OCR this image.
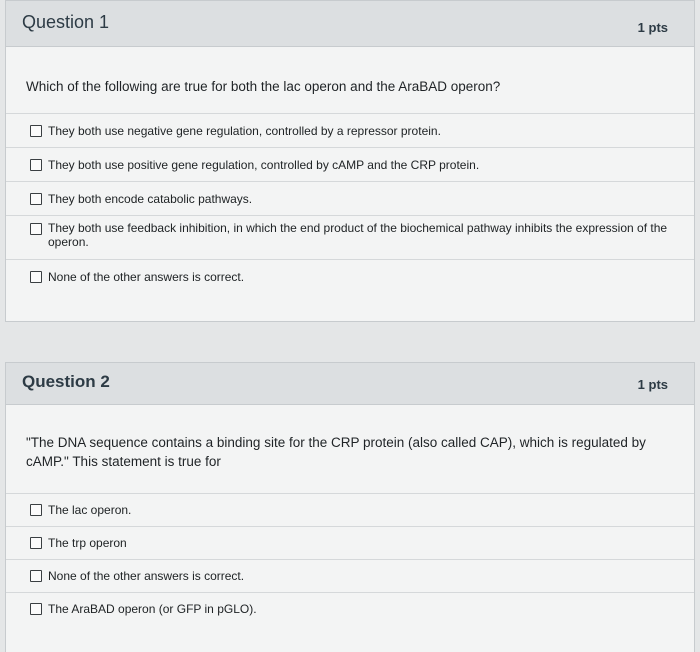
Question 1	1 pts
Which of the following are true for both the lac operon and the AraBAD operon?
They both use negative gene regulation, controlled by a repressor protein.
They both use positive gene regulation, controlled by cAMP and the CRP protein.
They both encode catabolic pathways.
They both use feedback inhibition, in which the end product of the biochemical pathway inhibits the expression of the operon.
None of the other answers is correct.
Question 2	1 pts
"The DNA sequence contains a binding site for the CRP protein (also called CAP), which is regulated by cAMP." This statement is true for
The lac operon.
The trp operon
None of the other answers is correct.
The AraBAD operon (or GFP in pGLO).
